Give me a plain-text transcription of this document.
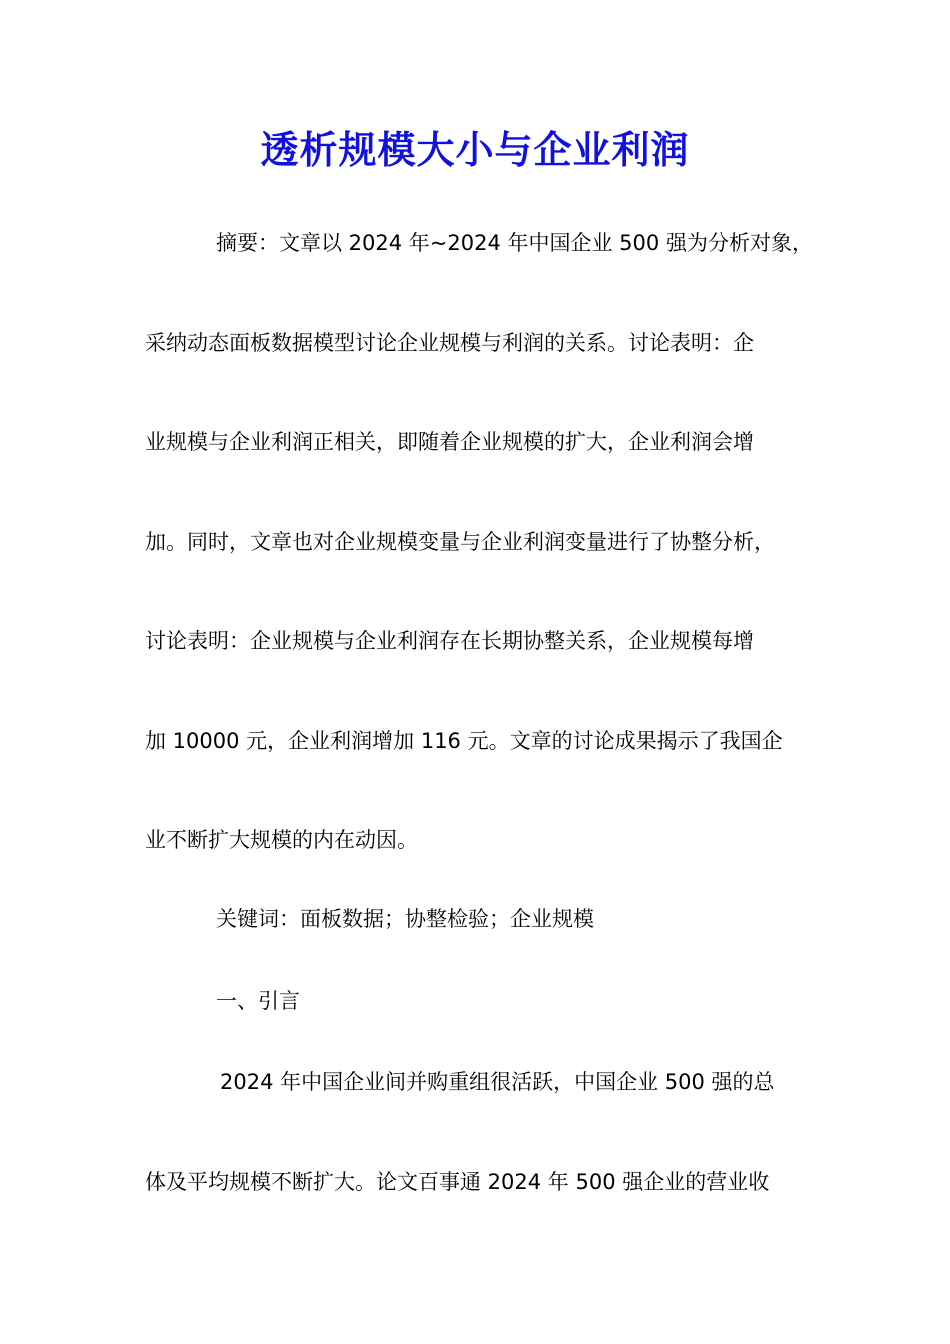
透析规模大小与企业利润

摘要：文章以 2024 年~2024 年中国企业 500 强为分析对象，

采纳动态面板数据模型讨论企业规模与利润的关系。讨论表明：企

业规模与企业利润正相关，即随着企业规模的扩大，企业利润会增

加。同时，文章也对企业规模变量与企业利润变量进行了协整分析，

讨论表明：企业规模与企业利润存在长期协整关系，企业规模每增

加 10000 元，企业利润增加 116 元。文章的讨论成果揭示了我国企

业不断扩大规模的内在动因。

关键词：面板数据；协整检验；企业规模

一、引言

2024 年中国企业间并购重组很活跃，中国企业 500 强的总

体及平均规模不断扩大。论文百事通 2024 年 500 强企业的营业收
